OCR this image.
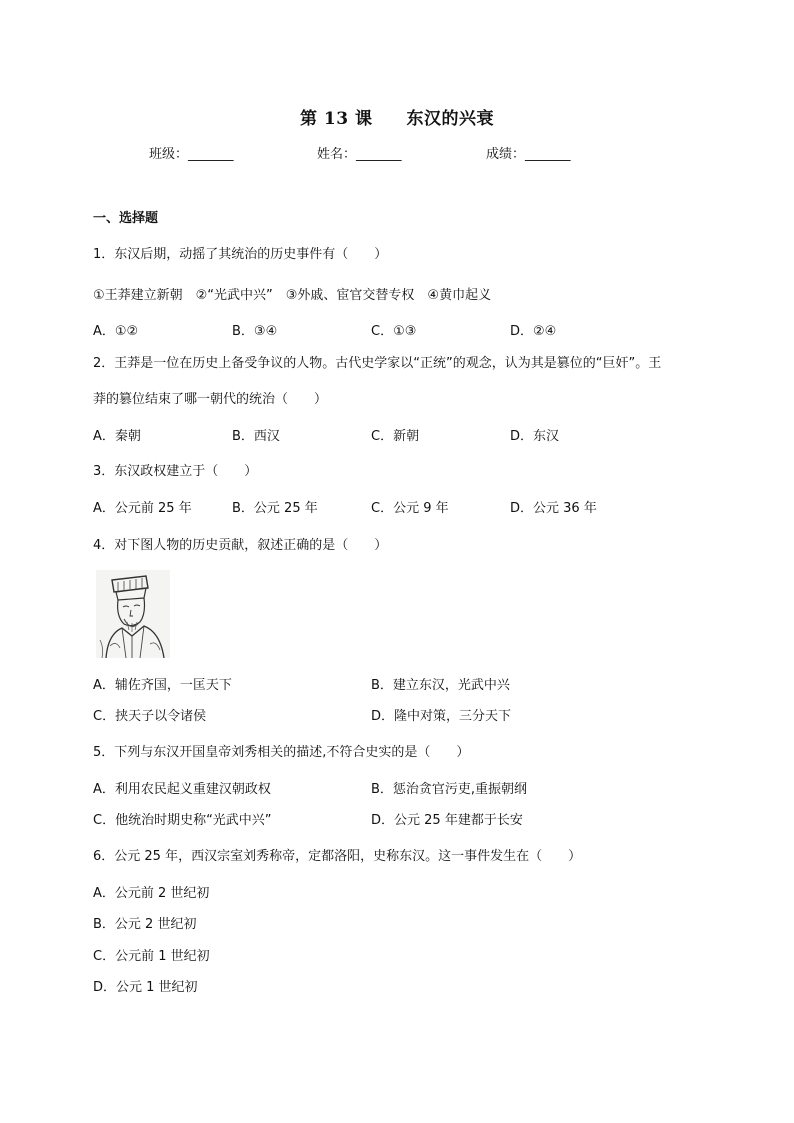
第 13 课 东汉的兴衰
班级：_______	姓名：_______	成绩：_______
一、选择题
1．东汉后期，动摇了其统治的历史事件有（　　）
①王莽建立新朝　②“光武中兴”　③外戚、宦官交替专权　④黄巾起义
A．①②	B．③④	C．①③	D．②④
2．王莽是一位在历史上备受争议的人物。古代史学家以“正统”的观念，认为其是篡位的“巨奸”。王
莽的篡位结束了哪一朝代的统治（　　）
A．秦朝	B．西汉	C．新朝	D．东汉
3．东汉政权建立于（　　）
A．公元前 25 年	B．公元 25 年	C．公元 9 年	D．公元 36 年
4．对下图人物的历史贡献，叙述正确的是（　　）
A．辅佐齐国，一匡天下	B．建立东汉，光武中兴
C．挟天子以令诸侯	D．隆中对策，三分天下
5．下列与东汉开国皇帝刘秀相关的描述,不符合史实的是（　　）
A．利用农民起义重建汉朝政权	B．惩治贪官污吏,重振朝纲
C．他统治时期史称“光武中兴”	D．公元 25 年建都于长安
6．公元 25 年，西汉宗室刘秀称帝，定都洛阳，史称东汉。这一事件发生在（　　）
A．公元前 2 世纪初
B．公元 2 世纪初
C．公元前 1 世纪初
D．公元 1 世纪初
